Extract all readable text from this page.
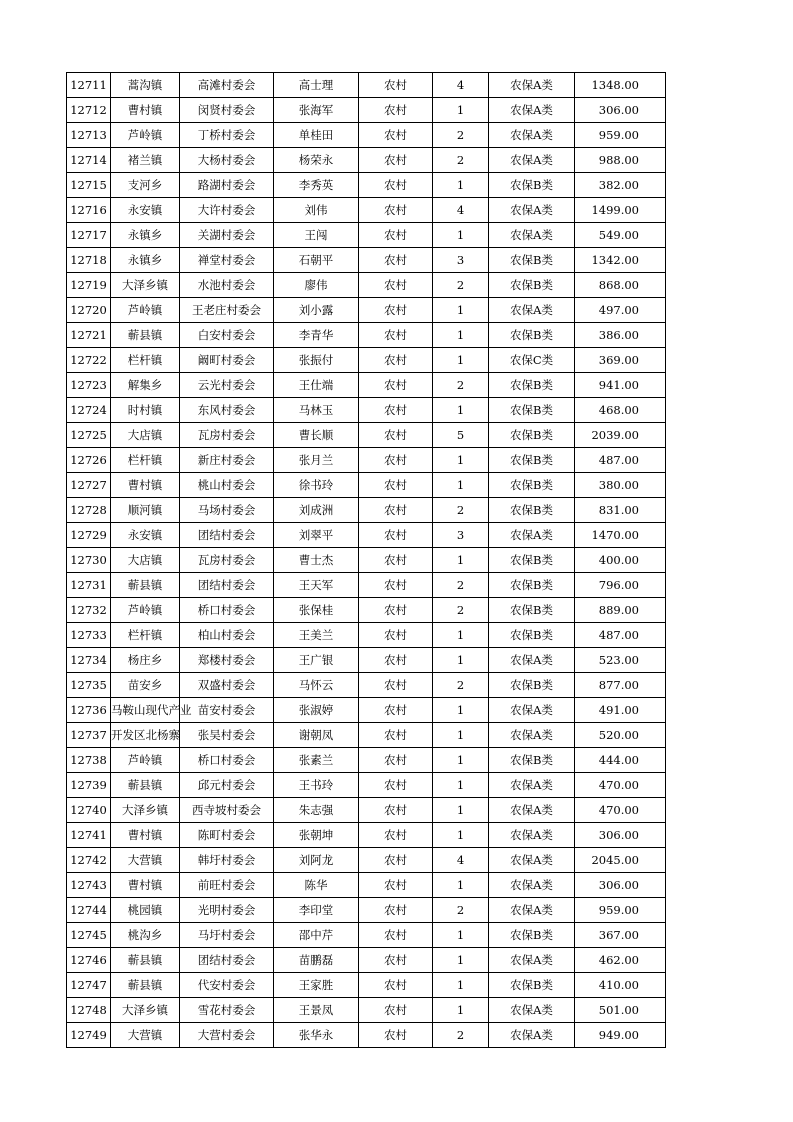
12711	蒿沟镇	高滩村委会	高士理	农村	4	农保A类	1348.00
12712	曹村镇	闵贤村委会	张海军	农村	1	农保A类	306.00
12713	芦岭镇	丁桥村委会	单桂田	农村	2	农保A类	959.00
12714	褚兰镇	大杨村委会	杨荣永	农村	2	农保A类	988.00
12715	支河乡	路湖村委会	李秀英	农村	1	农保B类	382.00
12716	永安镇	大许村委会	刘伟	农村	4	农保A类	1499.00
12717	永镇乡	关湖村委会	王闯	农村	1	农保A类	549.00
12718	永镇乡	禅堂村委会	石朝平	农村	3	农保B类	1342.00
12719	大泽乡镇	水池村委会	廖伟	农村	2	农保B类	868.00
12720	芦岭镇	王老庄村委会	刘小露	农村	1	农保A类	497.00
12721	蕲县镇	白安村委会	李青华	农村	1	农保B类	386.00
12722	栏杆镇	阚町村委会	张振付	农村	1	农保C类	369.00
12723	解集乡	云光村委会	王仕端	农村	2	农保B类	941.00
12724	时村镇	东风村委会	马林玉	农村	1	农保B类	468.00
12725	大店镇	瓦房村委会	曹长顺	农村	5	农保B类	2039.00
12726	栏杆镇	新庄村委会	张月兰	农村	1	农保B类	487.00
12727	曹村镇	桃山村委会	徐书玲	农村	1	农保B类	380.00
12728	顺河镇	马场村委会	刘成洲	农村	2	农保B类	831.00
12729	永安镇	团结村委会	刘翠平	农村	3	农保A类	1470.00
12730	大店镇	瓦房村委会	曹士杰	农村	1	农保B类	400.00
12731	蕲县镇	团结村委会	王天军	农村	2	农保B类	796.00
12732	芦岭镇	桥口村委会	张保桂	农村	2	农保B类	889.00
12733	栏杆镇	柏山村委会	王美兰	农村	1	农保B类	487.00
12734	杨庄乡	郑楼村委会	王广银	农村	1	农保A类	523.00
12735	苗安乡	双盛村委会	马怀云	农村	2	农保B类	877.00
12736	马鞍山现代产业	苗安村委会	张淑婷	农村	1	农保A类	491.00
12737	开发区北杨寨	张吴村委会	谢朝凤	农村	1	农保A类	520.00
12738	芦岭镇	桥口村委会	张素兰	农村	1	农保B类	444.00
12739	蕲县镇	邱元村委会	王书玲	农村	1	农保A类	470.00
12740	大泽乡镇	西寺坡村委会	朱志强	农村	1	农保A类	470.00
12741	曹村镇	陈町村委会	张朝坤	农村	1	农保A类	306.00
12742	大营镇	韩圩村委会	刘阿龙	农村	4	农保A类	2045.00
12743	曹村镇	前旺村委会	陈华	农村	1	农保A类	306.00
12744	桃园镇	光明村委会	李印堂	农村	2	农保A类	959.00
12745	桃沟乡	马圩村委会	邵中芹	农村	1	农保B类	367.00
12746	蕲县镇	团结村委会	苗鹏磊	农村	1	农保A类	462.00
12747	蕲县镇	代安村委会	王家胜	农村	1	农保B类	410.00
12748	大泽乡镇	雪花村委会	王景凤	农村	1	农保A类	501.00
12749	大营镇	大营村委会	张华永	农村	2	农保A类	949.00
